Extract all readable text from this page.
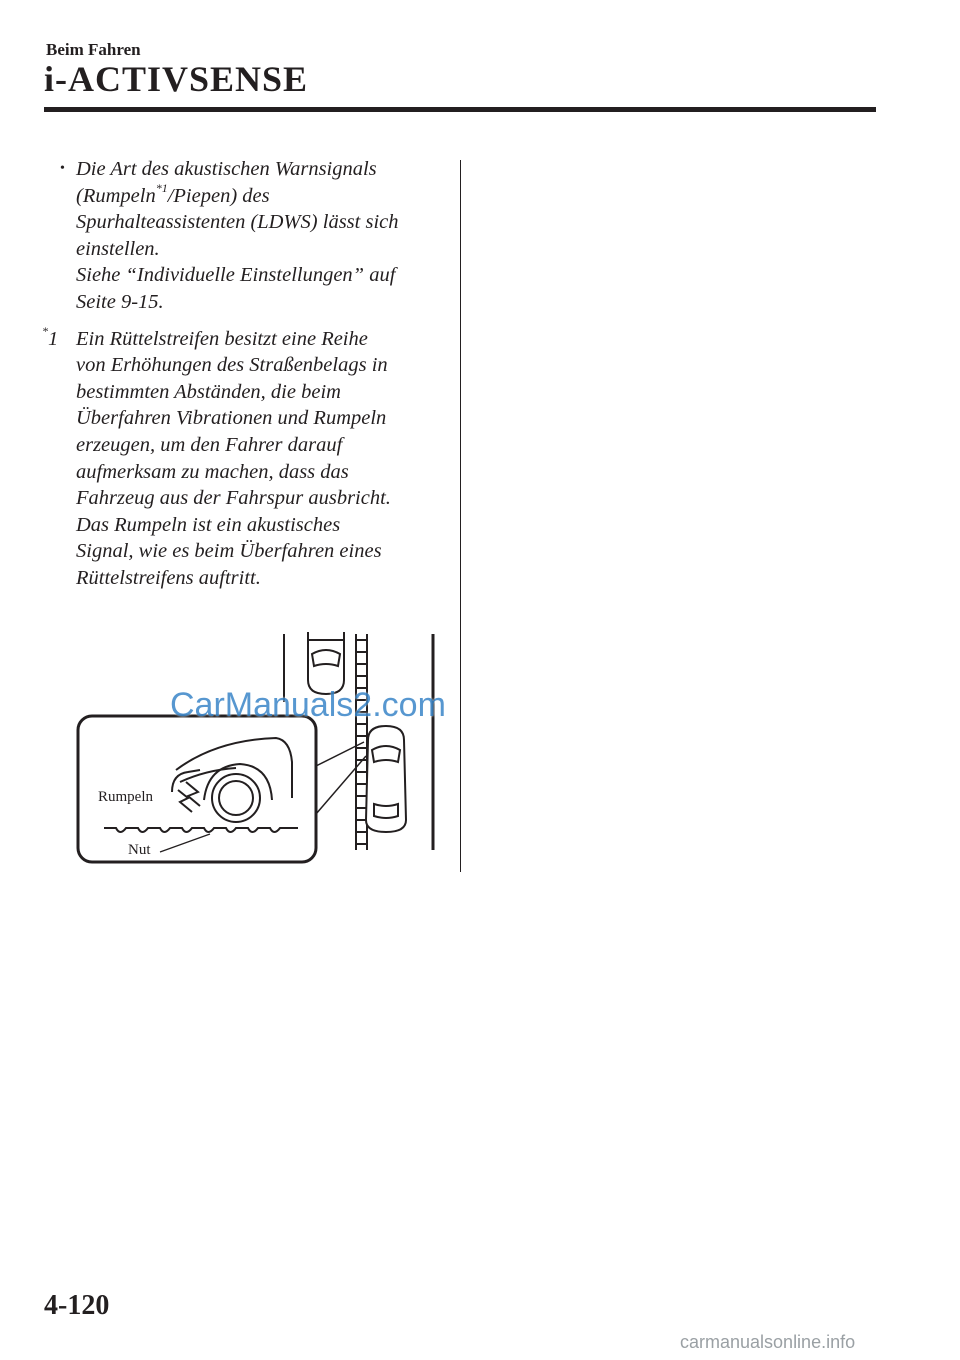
Beim Fahren
i-ACTIVSENSE
• Die Art des akustischen Warnsignals
(Rumpeln$^{*1}$/Piepen) des
Spurhalteassistenten (LDWS) lässt sich
einstellen.
Siehe “Individuelle Einstellungen” auf
Seite 9-15.
*1 Ein Rüttelstreifen besitzt eine Reihe
von Erhöhungen des Straßenbelags in
bestimmten Abständen, die beim
Überfahren Vibrationen und Rumpeln
erzeugen, um den Fahrer darauf
aufmerksam zu machen, dass das
Fahrzeug aus der Fahrspur ausbricht.
Das Rumpeln ist ein akustisches
Signal, wie es beim Überfahren eines
Rüttelstreifens auftritt.
Rumpeln
Nut
CarManuals2.com
4-120
carmanualsonline.info
